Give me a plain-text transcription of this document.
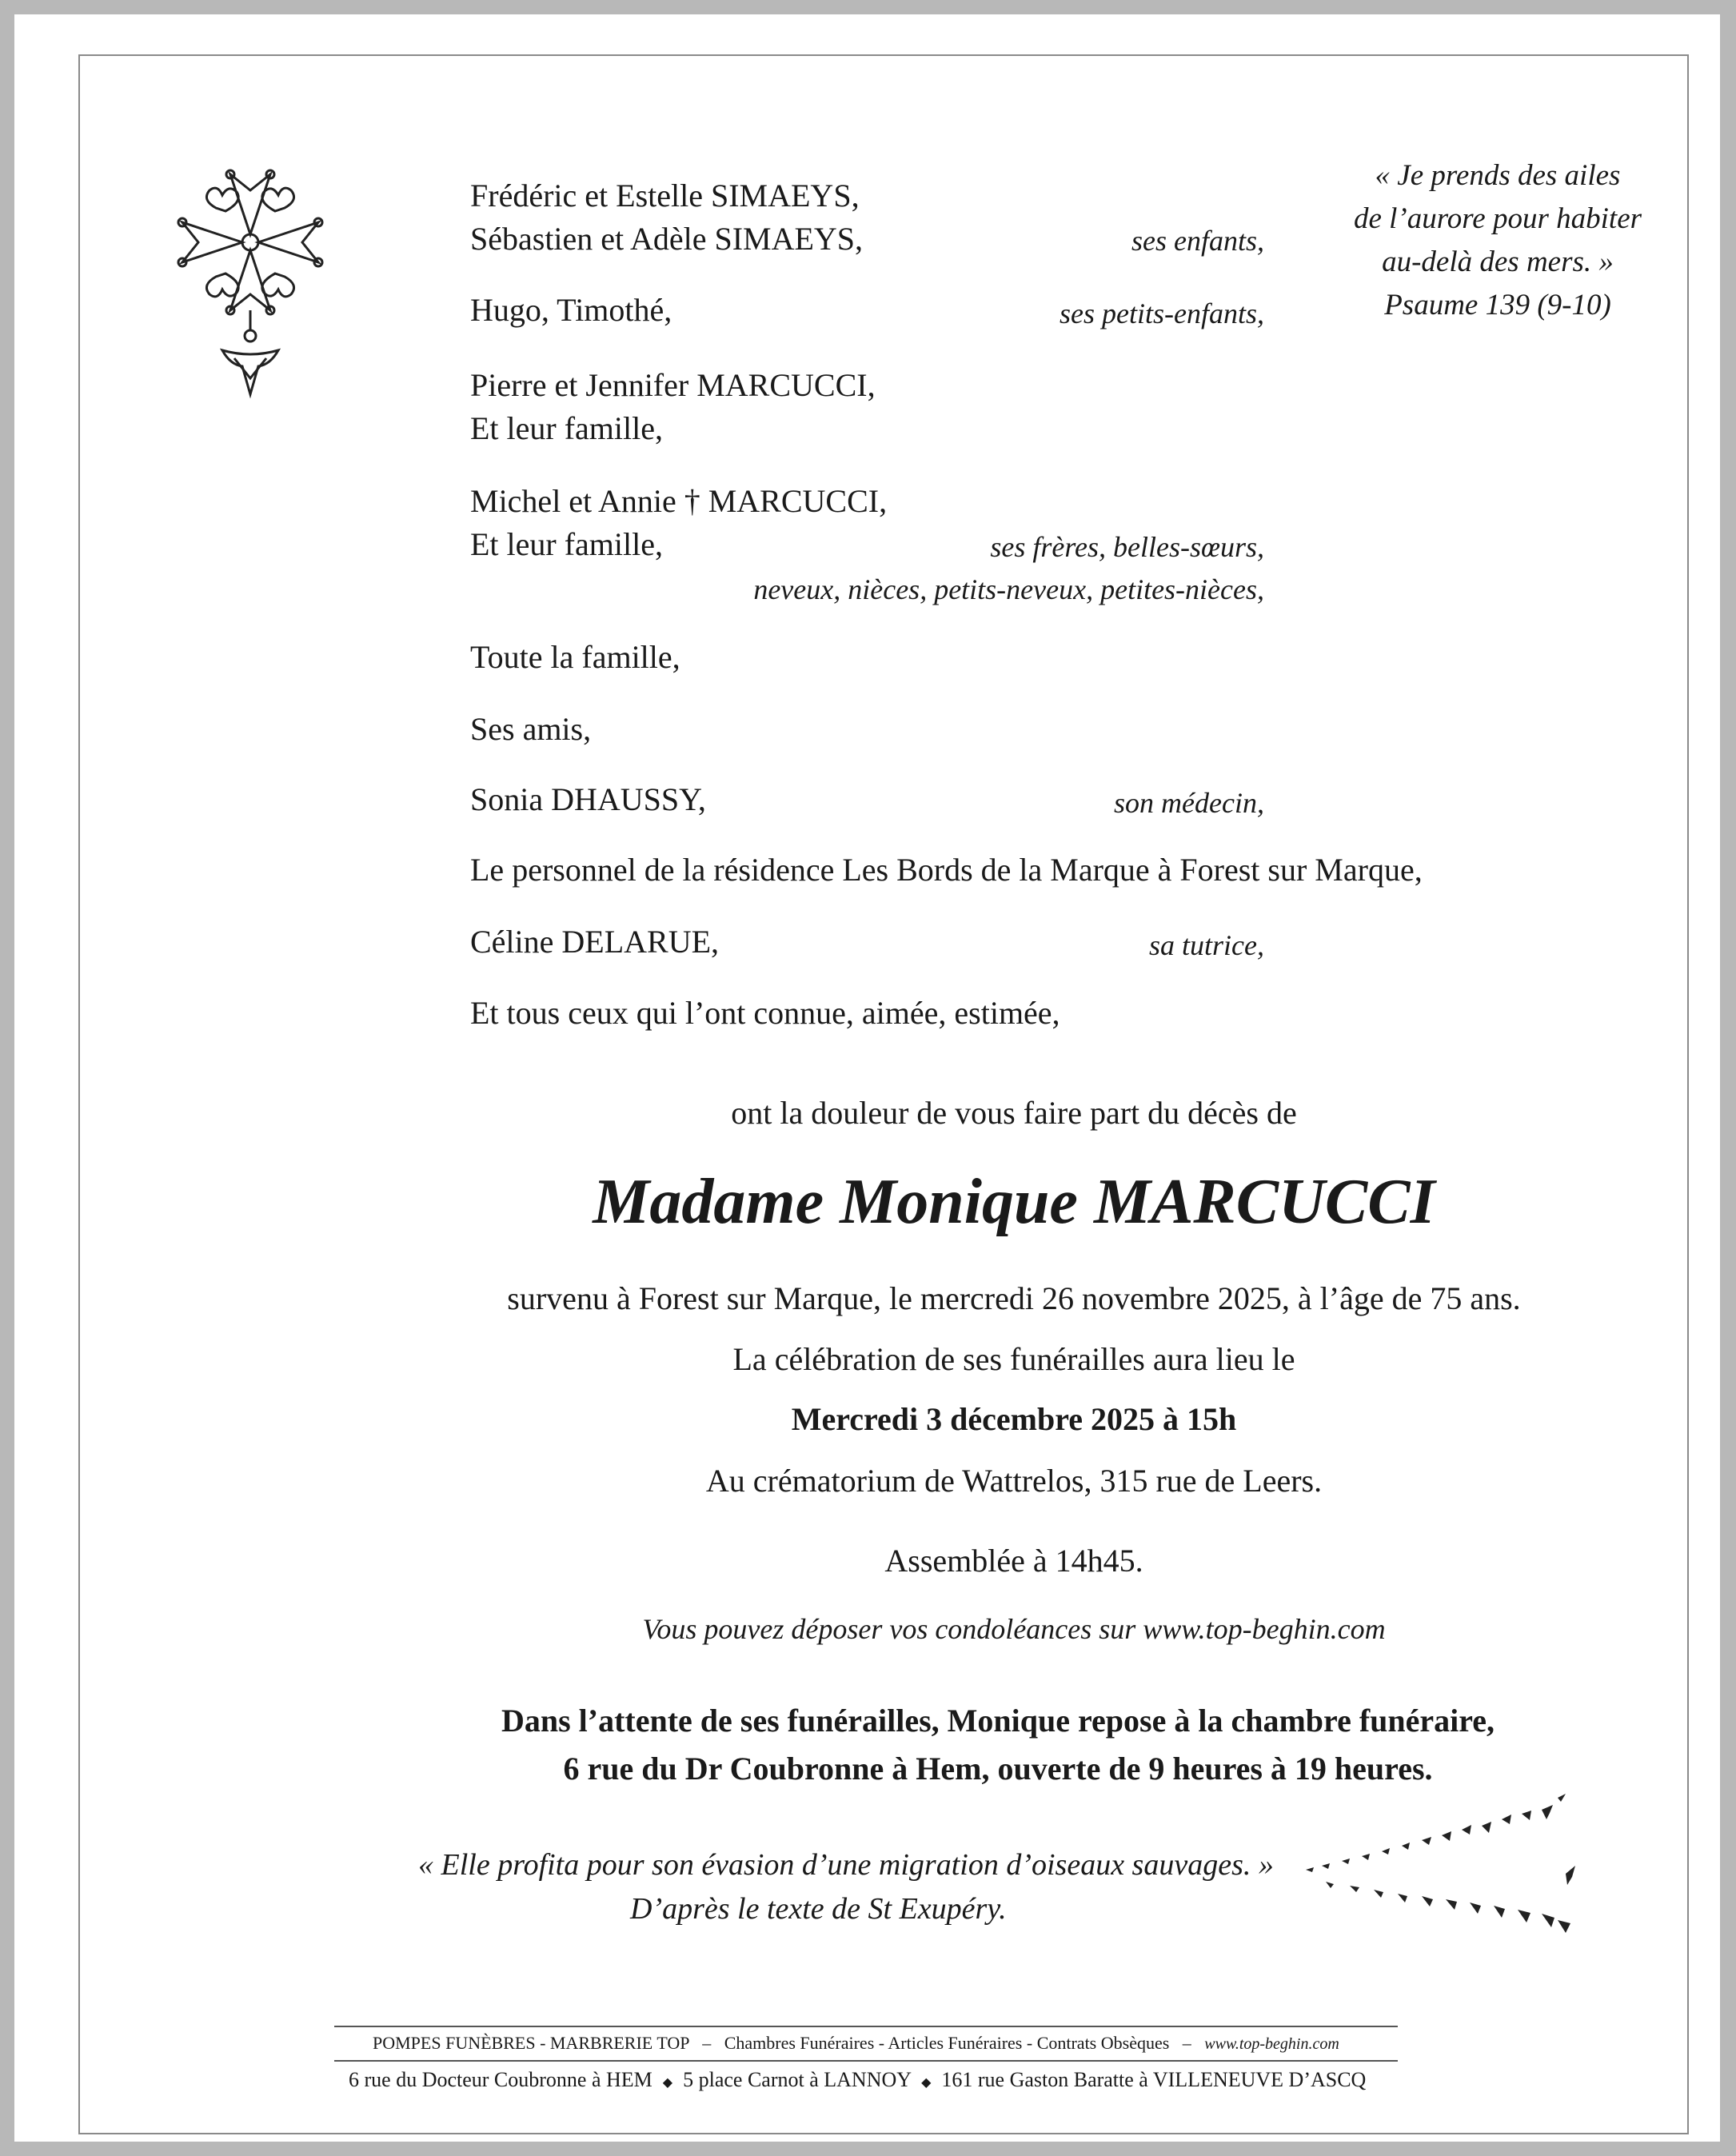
« Je prends des ailes
de l’aurore pour habiter
au-delà des mers. »
Psaume 139 (9-10)
Frédéric et Estelle SIMAEYS,
Sébastien et Adèle SIMAEYS,	ses enfants,
Hugo, Timothé,	ses petits-enfants,
Pierre et Jennifer MARCUCCI,
Et leur famille,
Michel et Annie † MARCUCCI,
Et leur famille,	ses frères, belles-sœurs,
neveux, nièces, petits-neveux, petites-nièces,
Toute la famille,
Ses amis,
Sonia DHAUSSY,	son médecin,
Le personnel de la résidence Les Bords de la Marque à Forest sur Marque,
Céline DELARUE,	sa tutrice,
Et tous ceux qui l’ont connue, aimée, estimée,
ont la douleur de vous faire part du décès de
Madame Monique MARCUCCI
survenu à Forest sur Marque, le mercredi 26 novembre 2025, à l’âge de 75 ans.
La célébration de ses funérailles aura lieu le
Mercredi 3 décembre 2025 à 15h
Au crématorium de Wattrelos, 315 rue de Leers.
Assemblée à 14h45.
Vous pouvez déposer vos condoléances sur www.top-beghin.com
Dans l’attente de ses funérailles, Monique repose à la chambre funéraire,
6 rue du Dr Coubronne à Hem, ouverte de 9 heures à 19 heures.
« Elle profita pour son évasion d’une migration d’oiseaux sauvages. »
D’après le texte de St Exupéry.
POMPES FUNÈBRES - MARBRERIE TOP – Chambres Funéraires - Articles Funéraires - Contrats Obsèques – www.top-beghin.com
6 rue du Docteur Coubronne à HEM ◆ 5 place Carnot à LANNOY ◆ 161 rue Gaston Baratte à VILLENEUVE D’ASCQ
